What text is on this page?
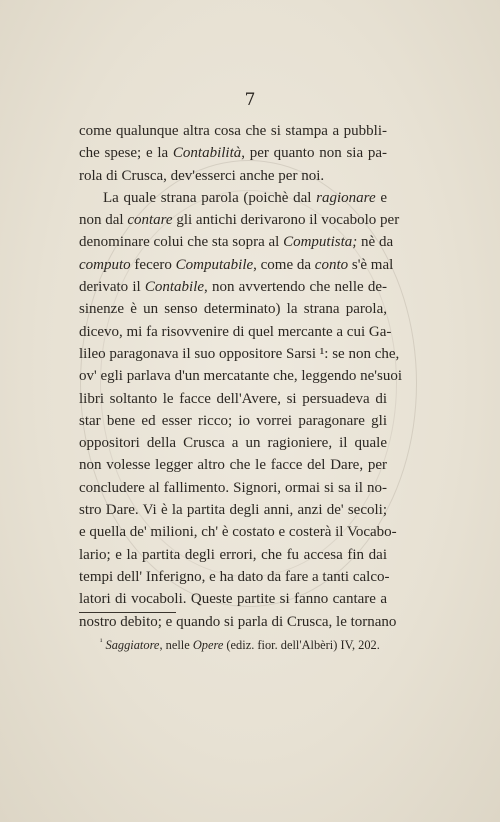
7
come qualunque altra cosa che si stampa a pubbli-
che spese; e la Contabilità, per quanto non sia pa-
rola di Crusca, dev'esserci anche per noi.
La quale strana parola (poichè dal ragionare e
non dal contare gli antichi derivarono il vocabolo per
denominare colui che sta sopra al Computista; nè da
computo fecero Computabile, come da conto s'è mal
derivato il Contabile, non avvertendo che nelle de-
sinenze è un senso determinato) la strana parola,
dicevo, mi fa risovvenire di quel mercante a cui Ga-
lileo paragonava il suo oppositore Sarsi ¹: se non che,
ov' egli parlava d'un mercatante che, leggendo ne'suoi
libri soltanto le facce dell'Avere, si persuadeva di
star bene ed esser ricco; io vorrei paragonare gli
oppositori della Crusca a un ragioniere, il quale
non volesse legger altro che le facce del Dare, per
concludere al fallimento. Signori, ormai si sa il no-
stro Dare. Vi è la partita degli anni, anzi de' secoli;
e quella de' milioni, ch' è costato e costerà il Vocabo-
lario; e la partita degli errori, che fu accesa fin dai
tempi dell' Inferigno, e ha dato da fare a tanti calco-
latori di vocaboli. Queste partite si fanno cantare a
nostro debito; e quando si parla di Crusca, le tornano
$^{^1}$ Saggiatore, nelle Opere (ediz. fior. dell'Albèri) IV, 202.
